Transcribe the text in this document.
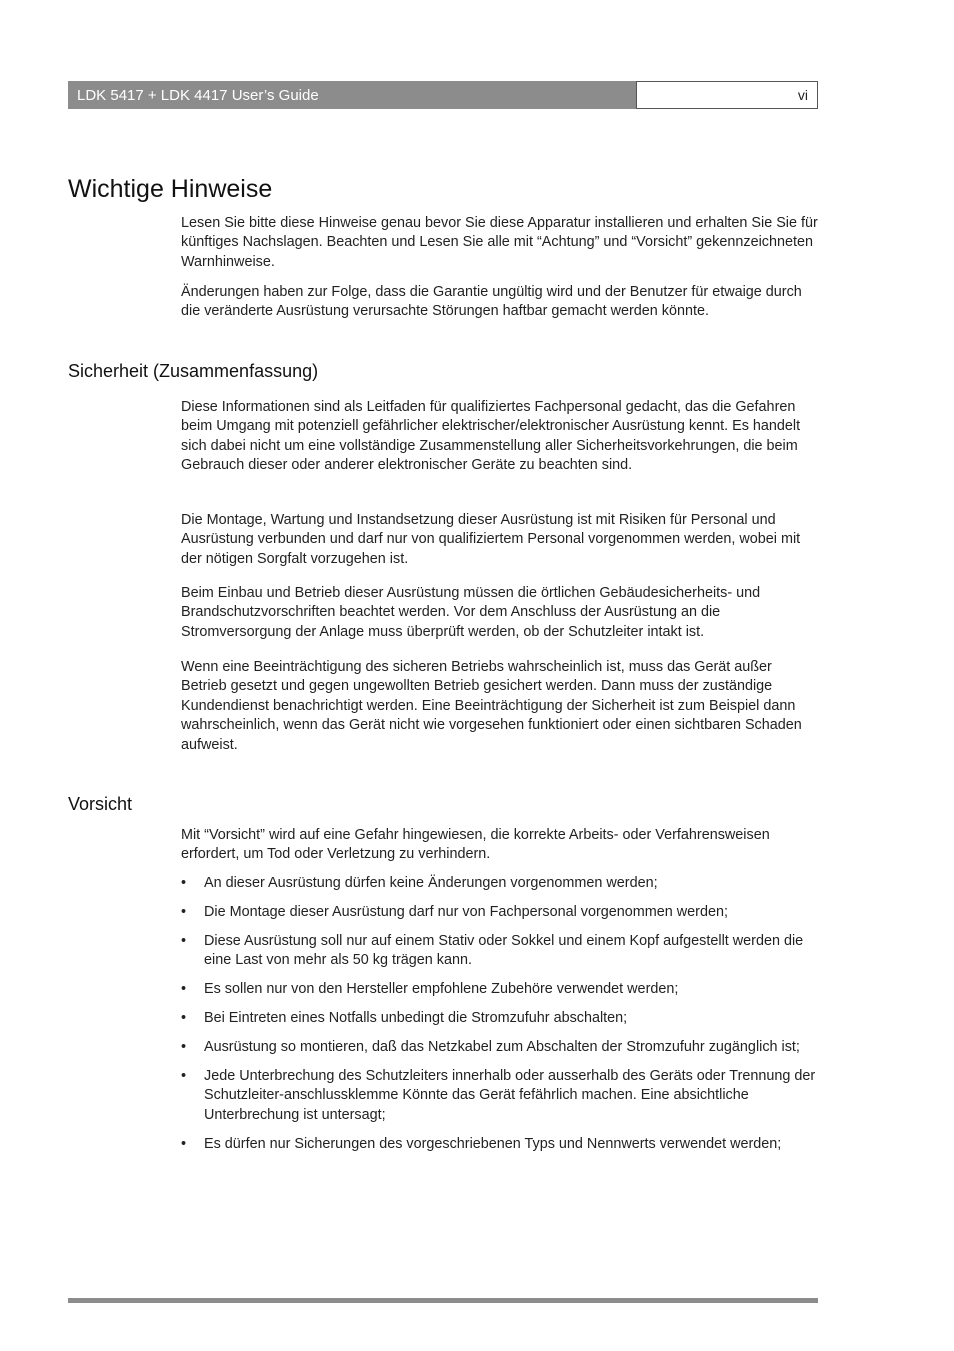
LDK 5417 + LDK 4417 User’s Guide	vi
Wichtige Hinweise

Lesen Sie bitte diese Hinweise genau bevor Sie diese Apparatur installieren und erhalten Sie Sie für künftiges Nachslagen. Beachten und Lesen Sie alle mit “Achtung” und “Vorsicht” gekennzeichneten Warnhinweise.

Änderungen haben zur Folge, dass die Garantie ungültig wird und der Benutzer für etwaige durch die veränderte Ausrüstung verursachte Störungen haftbar gemacht werden könnte.

Sicherheit (Zusammenfassung)

Diese Informationen sind als Leitfaden für qualifiziertes Fachpersonal gedacht, das die Gefahren beim Umgang mit potenziell gefährlicher elektrischer/elektronischer Ausrüstung kennt. Es handelt sich dabei nicht um eine vollständige Zusammenstellung aller Sicherheitsvorkehrungen, die beim Gebrauch dieser oder anderer elektronischer Geräte zu beachten sind.

Die Montage, Wartung und Instandsetzung dieser Ausrüstung ist mit Risiken für Personal und Ausrüstung verbunden und darf nur von qualifiziertem Personal vorgenommen werden, wobei mit der nötigen Sorgfalt vorzugehen ist.

Beim Einbau und Betrieb dieser Ausrüstung müssen die örtlichen Gebäudesicherheits- und Brandschutzvorschriften beachtet werden. Vor dem Anschluss der Ausrüstung an die Stromversorgung der Anlage muss überprüft werden, ob der Schutzleiter intakt ist.

Wenn eine Beeinträchtigung des sicheren Betriebs wahrscheinlich ist, muss das Gerät außer Betrieb gesetzt und gegen ungewollten Betrieb gesichert werden. Dann muss der zuständige Kundendienst benachrichtigt werden. Eine Beeinträchtigung der Sicherheit ist zum Beispiel dann wahrscheinlich, wenn das Gerät nicht wie vorgesehen funktioniert oder einen sichtbaren Schaden aufweist.

Vorsicht

Mit “Vorsicht” wird auf eine Gefahr hingewiesen, die korrekte Arbeits- oder Verfahrensweisen erfordert, um Tod oder Verletzung zu verhindern.

• An dieser Ausrüstung dürfen keine Änderungen vorgenommen werden;
• Die Montage dieser Ausrüstung darf nur von Fachpersonal vorgenommen werden;
• Diese Ausrüstung soll nur auf einem Stativ oder Sokkel und einem Kopf aufgestellt werden die eine Last von mehr als 50 kg trägen kann.
• Es sollen nur von den Hersteller empfohlene Zubehöre verwendet werden;
• Bei Eintreten eines Notfalls unbedingt die Stromzufuhr abschalten;
• Ausrüstung so montieren, daß das Netzkabel zum Abschalten der Stromzufuhr zugänglich ist;
• Jede Unterbrechung des Schutzleiters innerhalb oder ausserhalb des Geräts oder Trennung der Schutzleiter-anschlussklemme Könnte das Gerät fefährlich machen. Eine absichtliche Unterbrechung ist untersagt;
• Es dürfen nur Sicherungen des vorgeschriebenen Typs und Nennwerts verwendet werden;
